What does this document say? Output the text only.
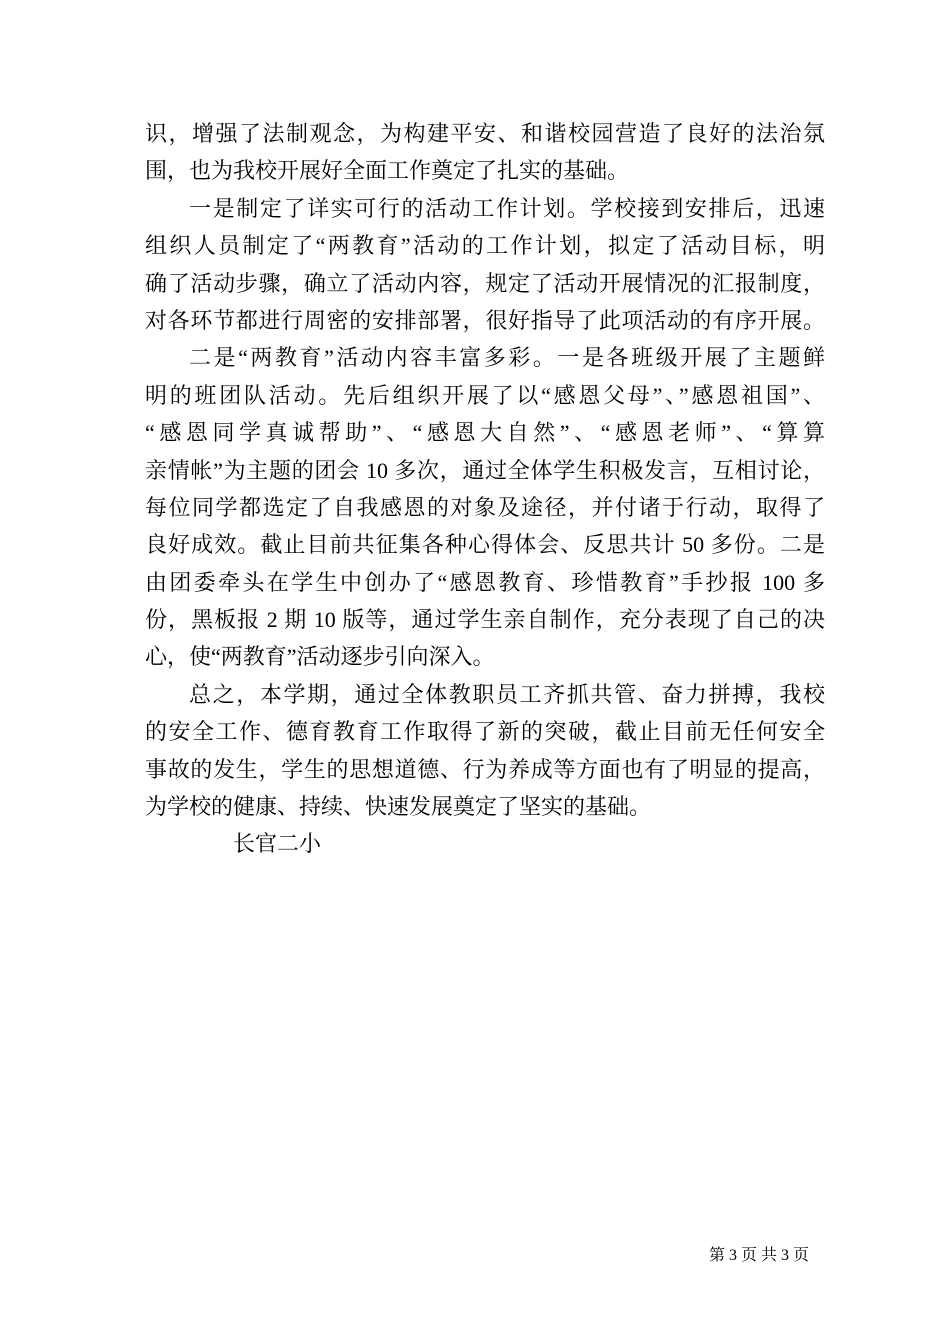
识，增强了法制观念，为构建平安、和谐校园营造了良好的法治氛
围，也为我校开展好全面工作奠定了扎实的基础。
一是制定了详实可行的活动工作计划。学校接到安排后，迅速
组织人员制定了“两教育”活动的工作计划，拟定了活动目标，明
确了活动步骤，确立了活动内容，规定了活动开展情况的汇报制度，
对各环节都进行周密的安排部署，很好指导了此项活动的有序开展。
二是“两教育”活动内容丰富多彩。一是各班级开展了主题鲜
明的班团队活动。先后组织开展了以“感恩父母”、”感恩祖国”、
“感恩同学真诚帮助”、“感恩大自然”、“感恩老师”、“算算
亲情帐”为主题的团会 10 多次，通过全体学生积极发言，互相讨论，
每位同学都选定了自我感恩的对象及途径，并付诸于行动，取得了
良好成效。截止目前共征集各种心得体会、反思共计 50 多份。二是
由团委牵头在学生中创办了“感恩教育、珍惜教育”手抄报 100 多
份，黑板报 2 期 10 版等，通过学生亲自制作，充分表现了自己的决
心，使“两教育”活动逐步引向深入。
总之，本学期，通过全体教职员工齐抓共管、奋力拼搏，我校
的安全工作、德育教育工作取得了新的突破，截止目前无任何安全
事故的发生，学生的思想道德、行为养成等方面也有了明显的提高，
为学校的健康、持续、快速发展奠定了坚实的基础。
长官二小
第 3 页 共 3 页
